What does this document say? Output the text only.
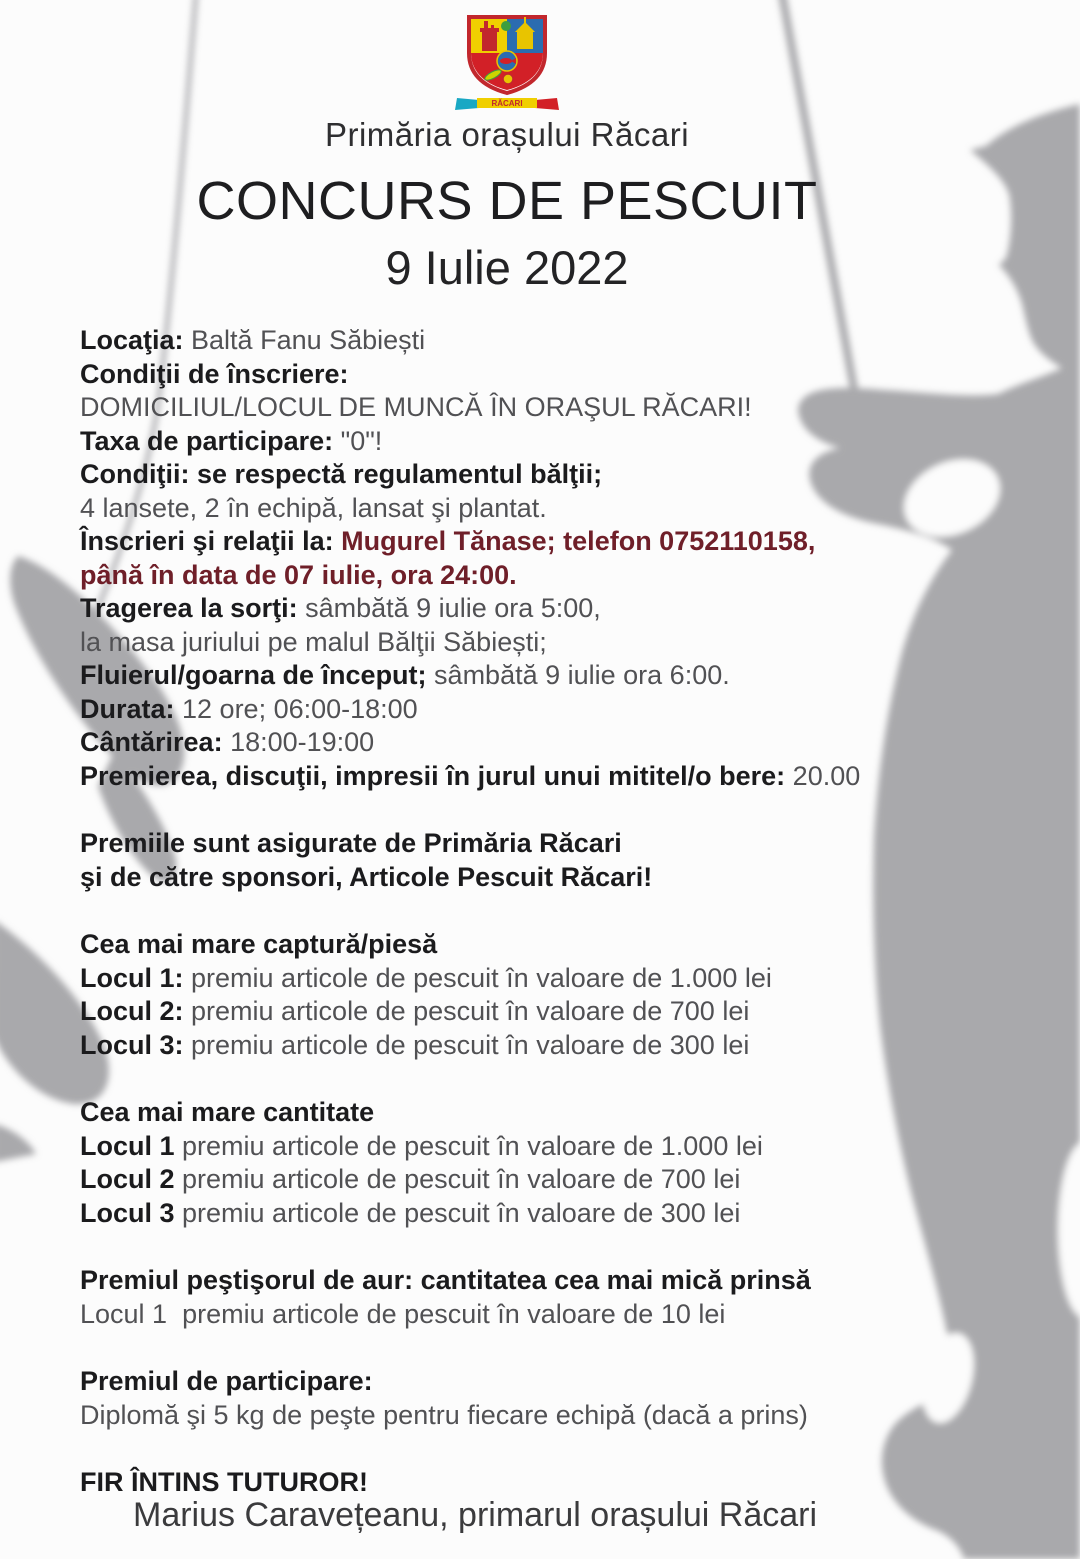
RĂCARI
Primăria orașului Răcari
CONCURS DE PESCUIT
9 Iulie 2022

Locaţia: Baltă Fanu Săbiești

Condiţii de înscriere:

DOMICILIUL/LOCUL DE MUNCĂ ÎN ORAŞUL RĂCARI!

Taxa de participare: "0"!

Condiţii: se respectă regulamentul bălţii;

4 lansete, 2 în echipă, lansat şi plantat.

Înscrieri şi relaţii la: Mugurel Tănase; telefon 0752110158,

până în data de 07 iulie, ora 24:00.

Tragerea la sorţi: sâmbătă 9 iulie ora 5:00,

la masa juriului pe malul Bălţii Săbiești;

Fluierul/goarna de început; sâmbătă 9 iulie ora 6:00.

Durata: 12 ore; 06:00-18:00

Cântărirea: 18:00-19:00

Premierea, discuţii, impresii în jurul unui mititel/o bere: 20.00

Premiile sunt asigurate de Primăria Răcari

şi de către sponsori, Articole Pescuit Răcari!

Cea mai mare captură/piesă

Locul 1: premiu articole de pescuit în valoare de 1.000 lei

Locul 2: premiu articole de pescuit în valoare de 700 lei

Locul 3: premiu articole de pescuit în valoare de 300 lei

Cea mai mare cantitate

Locul 1 premiu articole de pescuit în valoare de 1.000 lei

Locul 2 premiu articole de pescuit în valoare de 700 lei

Locul 3 premiu articole de pescuit în valoare de 300 lei

Premiul peştişorul de aur: cantitatea cea mai mică prinsă

Locul 1  premiu articole de pescuit în valoare de 10 lei

Premiul de participare:

Diplomă şi 5 kg de peşte pentru fiecare echipă (dacă a prins)

FIR ÎNTINS TUTUROR!

Marius Caravețeanu, primarul orașului Răcari
